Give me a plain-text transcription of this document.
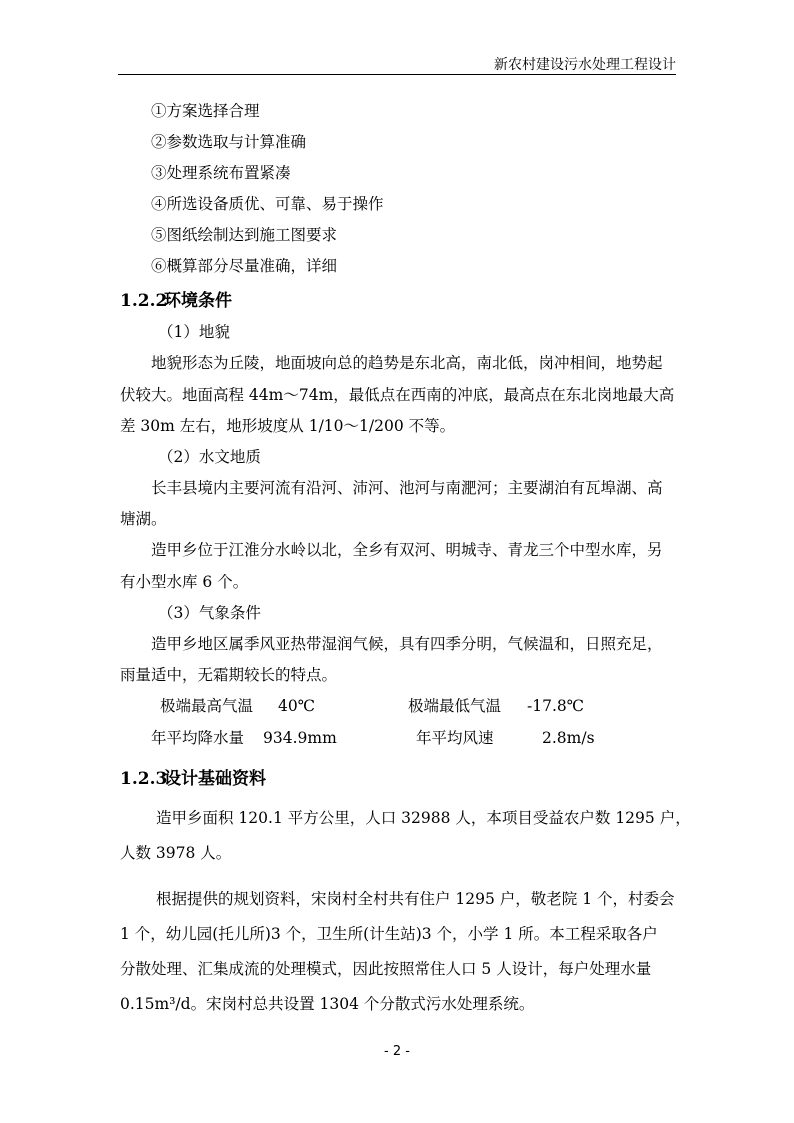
新农村建设污水处理工程设计
①方案选择合理
②参数选取与计算准确
③处理系统布置紧凑
④所选设备质优、可靠、易于操作
⑤图纸绘制达到施工图要求
⑥概算部分尽量准确，详细
1.2.2环境条件
（1）地貌
地貌形态为丘陵，地面坡向总的趋势是东北高，南北低，岗冲相间，地势起
伏较大。地面高程 44m～74m，最低点在西南的冲底，最高点在东北岗地最大高
差 30m 左右，地形坡度从 1/10～1/200 不等。
（2）水文地质
长丰县境内主要河流有沿河、沛河、池河与南淝河；主要湖泊有瓦埠湖、高
塘湖。
造甲乡位于江淮分水岭以北，全乡有双河、明城寺、青龙三个中型水库，另
有小型水库 6 个。
（3）气象条件
造甲乡地区属季风亚热带湿润气候，具有四季分明，气候温和，日照充足，
雨量适中，无霜期较长的特点。
极端最高气温 40℃	极端最低气温 -17.8℃
年平均降水量 934.9mm	年平均风速	2.8m/s
1.2.3设计基础资料
造甲乡面积 120.1 平方公里，人口 32988 人，本项目受益农户数 1295 户，
人数 3978 人。
根据提供的规划资料，宋岗村全村共有住户 1295 户，敬老院 1 个，村委会
1 个，幼儿园(托儿所)3 个，卫生所(计生站)3 个，小学 1 所。本工程采取各户
分散处理、汇集成流的处理模式，因此按照常住人口 5 人设计，每户处理水量
0.15m³/d。宋岗村总共设置 1304 个分散式污水处理系统。
- 2 -
